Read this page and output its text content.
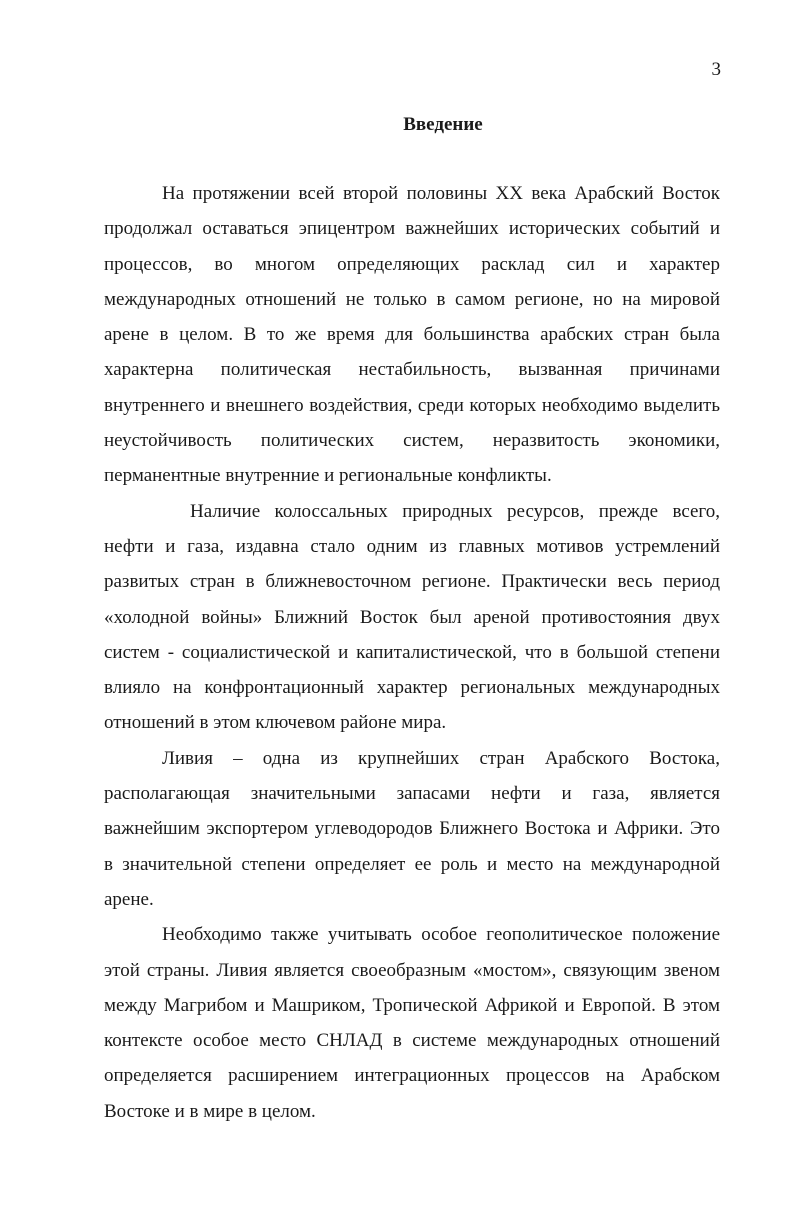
3
Введение

На протяжении всей второй половины XX века Арабский Восток продолжал оставаться эпицентром важнейших исторических событий и процессов, во многом определяющих расклад сил и характер международных отношений не только в самом регионе, но на мировой арене в целом. В то же время для большинства арабских стран была характерна политическая нестабильность, вызванная причинами внутреннего и внешнего воздействия, среди которых необходимо выделить неустойчивость политических систем, неразвитость экономики, перманентные внутренние и региональные конфликты.

Наличие колоссальных природных ресурсов, прежде всего, нефти и газа, издавна стало одним из главных мотивов устремлений развитых стран в ближневосточном регионе. Практически весь период «холодной войны» Ближний Восток был ареной противостояния двух систем - социалистической и капиталистической, что в большой степени влияло на конфронтационный характер региональных международных отношений в этом ключевом районе мира.

Ливия – одна из крупнейших стран Арабского Востока, располагающая значительными запасами нефти и газа, является важнейшим экспортером углеводородов Ближнего Востока и Африки. Это в значительной степени определяет ее роль и место на международной арене.

Необходимо также учитывать особое геополитическое положение этой страны. Ливия является своеобразным «мостом», связующим звеном между Магрибом и Машриком, Тропической Африкой и Европой. В этом контексте особое место СНЛАД в системе международных отношений определяется расширением интеграционных процессов на Арабском Востоке и в мире в целом.
